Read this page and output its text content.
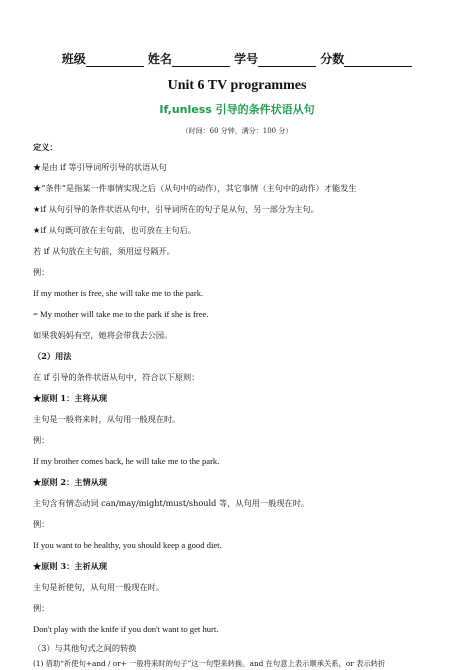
班级	姓名	学号	分数
Unit 6 TV programmes
If,unless 引导的条件状语从句
（时间：60 分钟，满分：100 分）
定义：
★是由 if 等引导词所引导的状语从句
★“条件”是指某一件事情实现之后（从句中的动作），其它事情（主句中的动作）才能发生
★if 从句引导的条件状语从句中，引导词所在的句子是从句，另一部分为主句。
★if 从句既可放在主句前，也可放在主句后。
若 if 从句放在主句前，须用逗号隔开。
例：
If my mother is free, she will take me to the park.
= My mother will take me to the park if she is free.
如果我妈妈有空，她将会带我去公园。
（2）用法
在 if 引导的条件状语从句中，符合以下原则：
★原则 1：主将从现
主句是一般将来时，从句用一般现在时。
例：
If my brother comes back, he will take me to the park.
★原则 2：主情从现
主句含有情态动词 can/may/might/must/should 等，从句用一般现在时。
例：
If you want to be healthy, you should keep a good diet.
★原则 3：主祈从现
主句是祈使句，从句用一般现在时。
例：
Don't play with the knife if you don't want to get hurt.
（3）与其他句式之间的转换
(1) 借助“祈使句+and / or+ 一般将来时的句子”这一句型来转换。and 在句意上表示顺承关系，or 表示转折
